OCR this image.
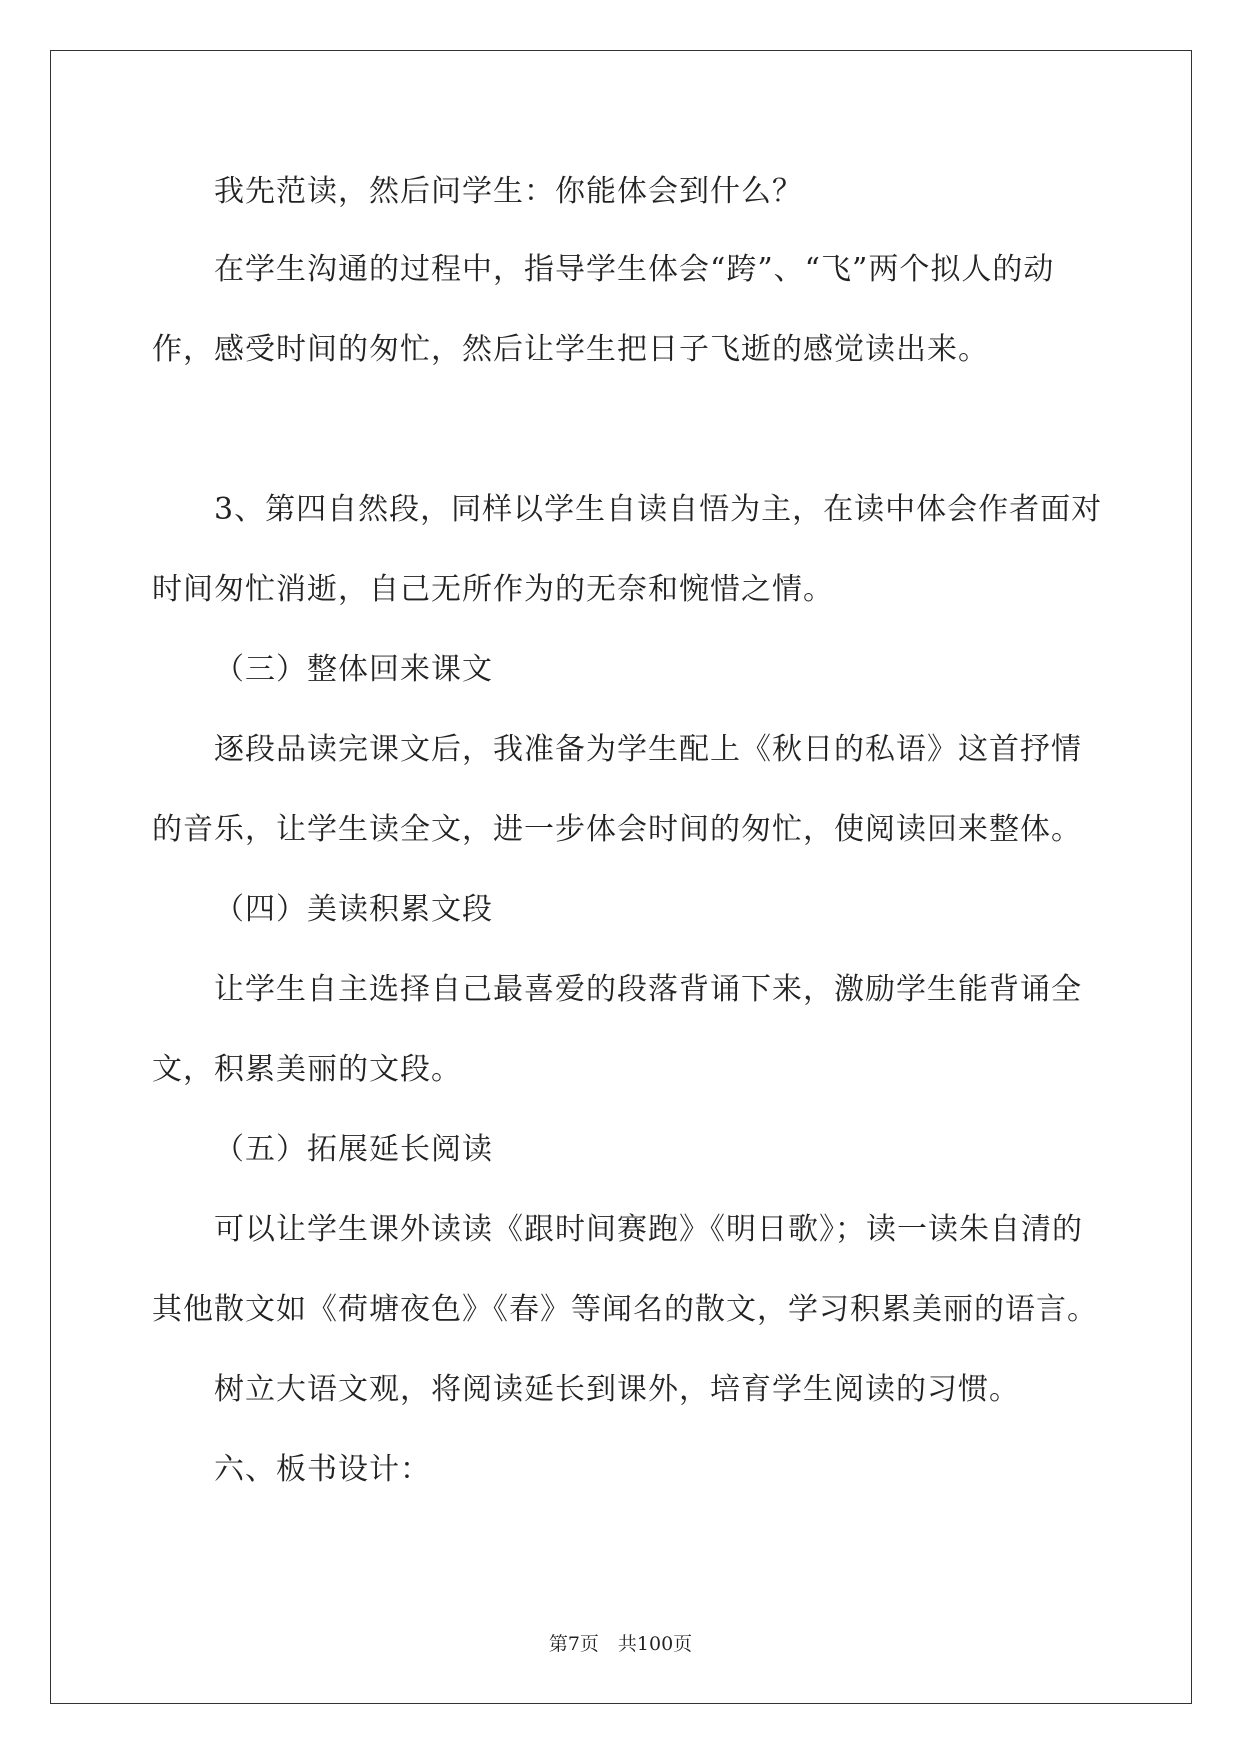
我先范读，然后问学生：你能体会到什么？
在学生沟通的过程中，指导学生体会“跨”、“飞”两个拟人的动
作，感受时间的匆忙，然后让学生把日子飞逝的感觉读出来。
3、第四自然段，同样以学生自读自悟为主，在读中体会作者面对
时间匆忙消逝，自己无所作为的无奈和惋惜之情。
（三）整体回来课文
逐段品读完课文后，我准备为学生配上《秋日的私语》这首抒情
的音乐，让学生读全文，进一步体会时间的匆忙，使阅读回来整体。
（四）美读积累文段
让学生自主选择自己最喜爱的段落背诵下来，激励学生能背诵全
文，积累美丽的文段。
（五）拓展延长阅读
可以让学生课外读读《跟时间赛跑》《明日歌》；读一读朱自清的
其他散文如《荷塘夜色》《春》等闻名的散文，学习积累美丽的语言。
树立大语文观，将阅读延长到课外，培育学生阅读的习惯。
六、板书设计：
第7页　共100页
